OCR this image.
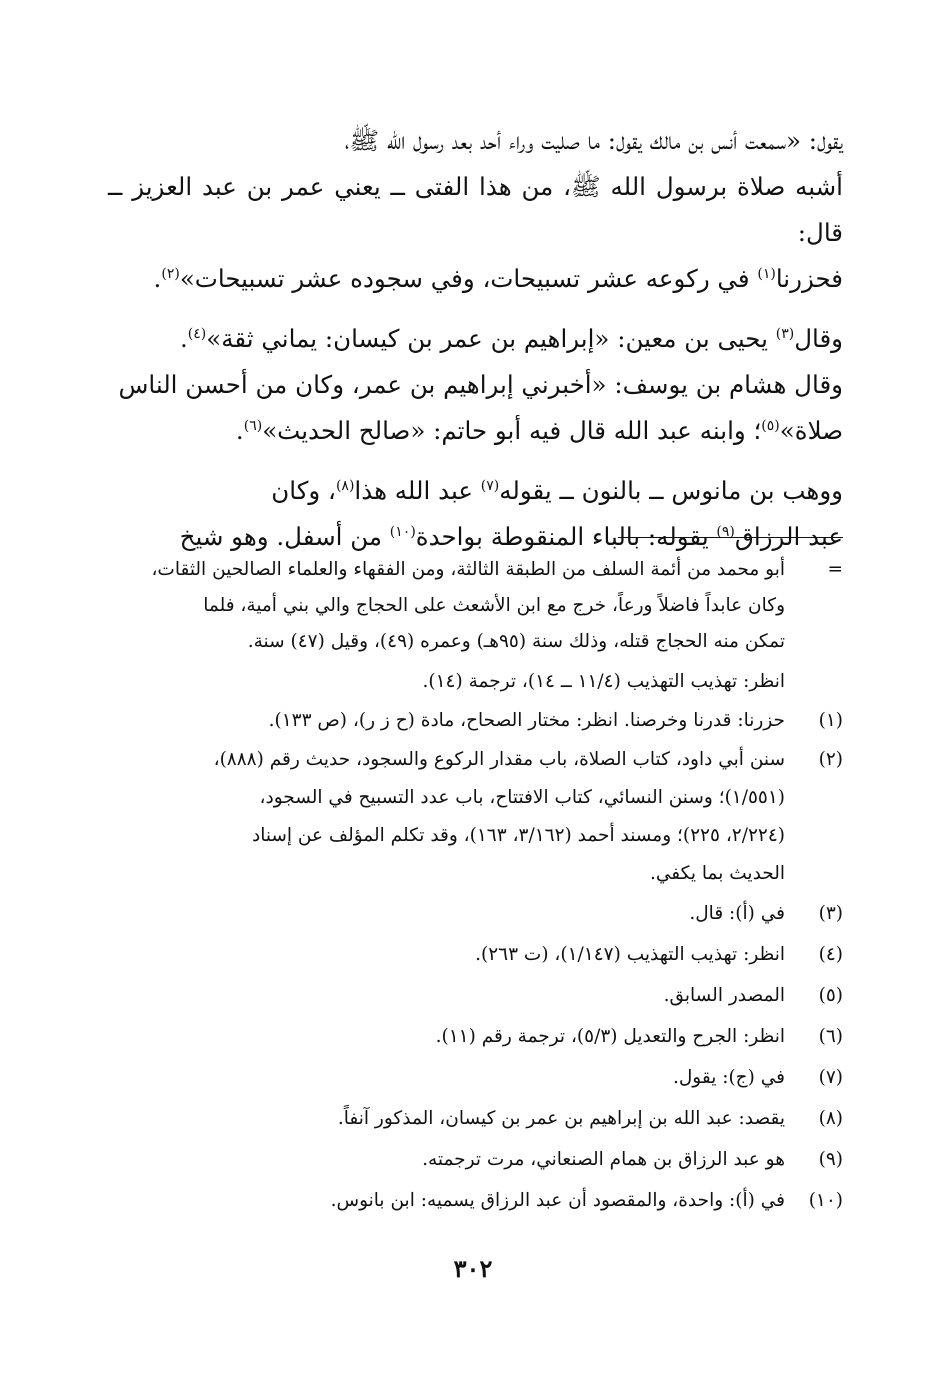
يقول: «سمعت أنس بن مالك يقول: ما صليت وراء أحد بعد رسول الله ﷺ،
أشبه صلاة برسول الله ﷺ، من هذا الفتى ــ يعني عمر بن عبد العزيز ــ قال:
فحزرنا$^{(١)}$ في ركوعه عشر تسبيحات، وفي سجوده عشر تسبيحات»$^{(٢)}$.

وقال$^{(٣)}$ يحيى بن معين: «إبراهيم بن عمر بن كيسان: يماني ثقة»$^{(٤)}$.
وقال هشام بن يوسف: «أخبرني إبراهيم بن عمر، وكان من أحسن الناس
صلاة»$^{(٥)}$؛ وابنه عبد الله قال فيه أبو حاتم: «صالح الحديث»$^{(٦)}$.

ووهب بن مانوس ــ بالنون ــ يقوله$^{(٧)}$ عبد الله هذا$^{(٨)}$، وكان
عبد الرزاق$^{(٩)}$ يقوله: بالباء المنقوطة بواحدة$^{(١٠)}$ من أسفل. وهو شيخ

=
أبو محمد من أئمة السلف من الطبقة الثالثة، ومن الفقهاء والعلماء الصالحين الثقات،
وكان عابداً فاضلاً ورعاً، خرج مع ابن الأشعث على الحجاج والي بني أمية، فلما
تمكن منه الحجاج قتله، وذلك سنة (٩٥هـ) وعمره (٤٩)، وقيل (٤٧) سنة.
انظر: تهذيب التهذيب (١١/٤ ــ ١٤)، ترجمة (١٤).
(١)
حزرنا: قدرنا وخرصنا. انظر: مختار الصحاح، مادة (ح ز ر)، (ص ١٣٣).
(٢)
سنن أبي داود، كتاب الصلاة، باب مقدار الركوع والسجود، حديث رقم (٨٨٨)،
(١/٥٥١)؛ وسنن النسائي، كتاب الافتتاح، باب عدد التسبيح في السجود،
(٢/٢٢٤، ٢٢٥)؛ ومسند أحمد (٣/١٦٢، ١٦٣)، وقد تكلم المؤلف عن إسناد
الحديث بما يكفي.
(٣)
في (أ): قال.
(٤)
انظر: تهذيب التهذيب (١/١٤٧)، (ت ٢٦٣).
(٥)
المصدر السابق.
(٦)
انظر: الجرح والتعديل (٥/٣)، ترجمة رقم (١١).
(٧)
في (ج): يقول.
(٨)
يقصد: عبد الله بن إبراهيم بن عمر بن كيسان، المذكور آنفاً.
(٩)
هو عبد الرزاق بن همام الصنعاني، مرت ترجمته.
(١٠)
في (أ): واحدة، والمقصود أن عبد الرزاق يسميه: ابن بانوس.
٣٠٢
